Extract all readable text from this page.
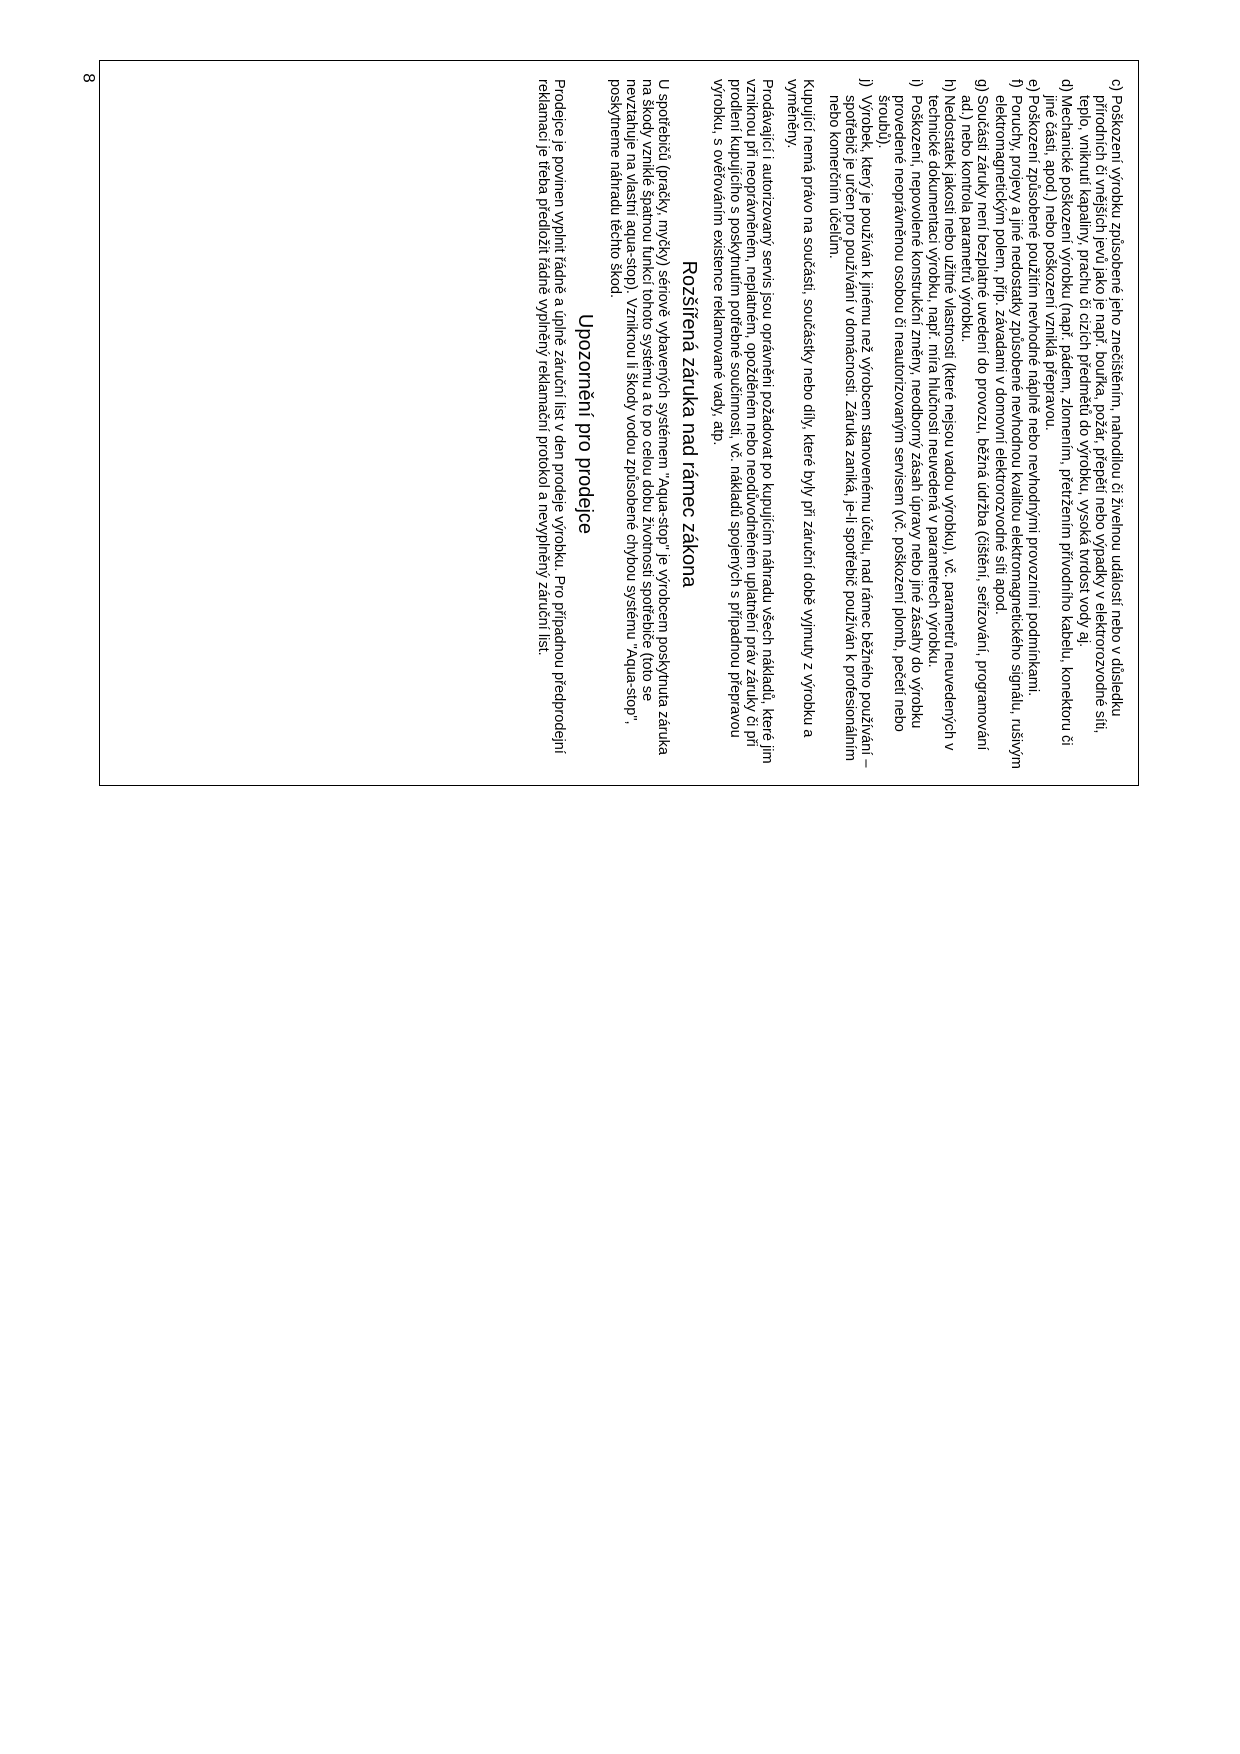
8
c)
Poškození výrobku způsobené jeho znečištěním, nahodilou či živelnou událostí nebo v důsledku přírodních či vnějších jevů jako je např. bouřka, požár, přepětí nebo výpadky v elektrorozvodné síti, teplo, vniknutí kapaliny, prachu či cizích předmětů do výrobku, vysoká tvrdost vody aj.
d)
Mechanické poškození výrobku (např. pádem, zlomením, přetržením přívodního kabelu, konektoru či jiné části, apod.) nebo poškození vzniklá přepravou.
e)
Poškození způsobené použitím nevhodné náplně nebo nevhodnými provozními podmínkami.
f)
Poruchy, projevy a jiné nedostatky způsobené nevhodnou kvalitou elektromagnetického signálu, rušivým elektromagnetickým polem, příp. závadami v domovní elektrorozvodné síti apod.
g)
Součásti záruky není bezplatné uvedení do provozu, běžná údržba (čištění, seřizování, programování ad.) nebo kontrola parametrů výrobku.
h)
Nedostatek jakosti nebo užitné vlastnosti (které nejsou vadou výrobku), vč. parametrů neuvedených v technické dokumentaci výrobku, např. míra hlučnosti neuvedená v parametrech výrobku.
i)
Poškození, nepovolené konstrukční změny, neodborný zásah úpravy nebo jiné zásahy do výrobku provedené neoprávněnou osobou či neautorizovaným servisem (vč. poškození plomb, pečetí nebo šroubů).
j)
Výrobek, který je používán k jinému než výrobcem stanovenému účelu, nad rámec běžného používání – spotřebič je určen pro používání v domácnosti. Záruka zaniká, je-li spotřebič používán k profesionálním nebo komerčním účelům.

Kupující nemá právo na součásti, součástky nebo díly, které byly při záruční době vyjmuty z výrobku a vyměněny.

Prodávající i autorizovaný servis jsou oprávněni požadovat po kupujícím náhradu všech nákladů, které jim vzniknou při neoprávněném, neplatném, opožděném nebo neodůvodněném uplatnění práv záruky či při prodlení kupujícího s poskytnutím potřebné součinnosti, vč. nákladů spojených s případnou přepravou výrobku, s ověřováním existence reklamované vady, atp.

Rozšířená záruka nad rámec zákona

U spotřebičů (pračky, myčky) sériově vybavených systémem "Aqua-stop" je výrobcem poskytnuta záruka na škody vzniklé špatnou funkcí tohoto systému a to po celou dobu životnosti spotřebiče (toto se nevztahuje na vlastní aqua-stop). Vzniknou li škody vodou způsobené chybou systému "Aqua-stop", poskytneme náhradu těchto škod.

Upozornění pro prodejce

Prodejce je povinen vyplnit řádně a úplně záruční list v den prodeje výrobku. Pro případnou předprodejní reklamaci je třeba předložit řádně vyplněný reklamační protokol a nevyplněný záruční list.
